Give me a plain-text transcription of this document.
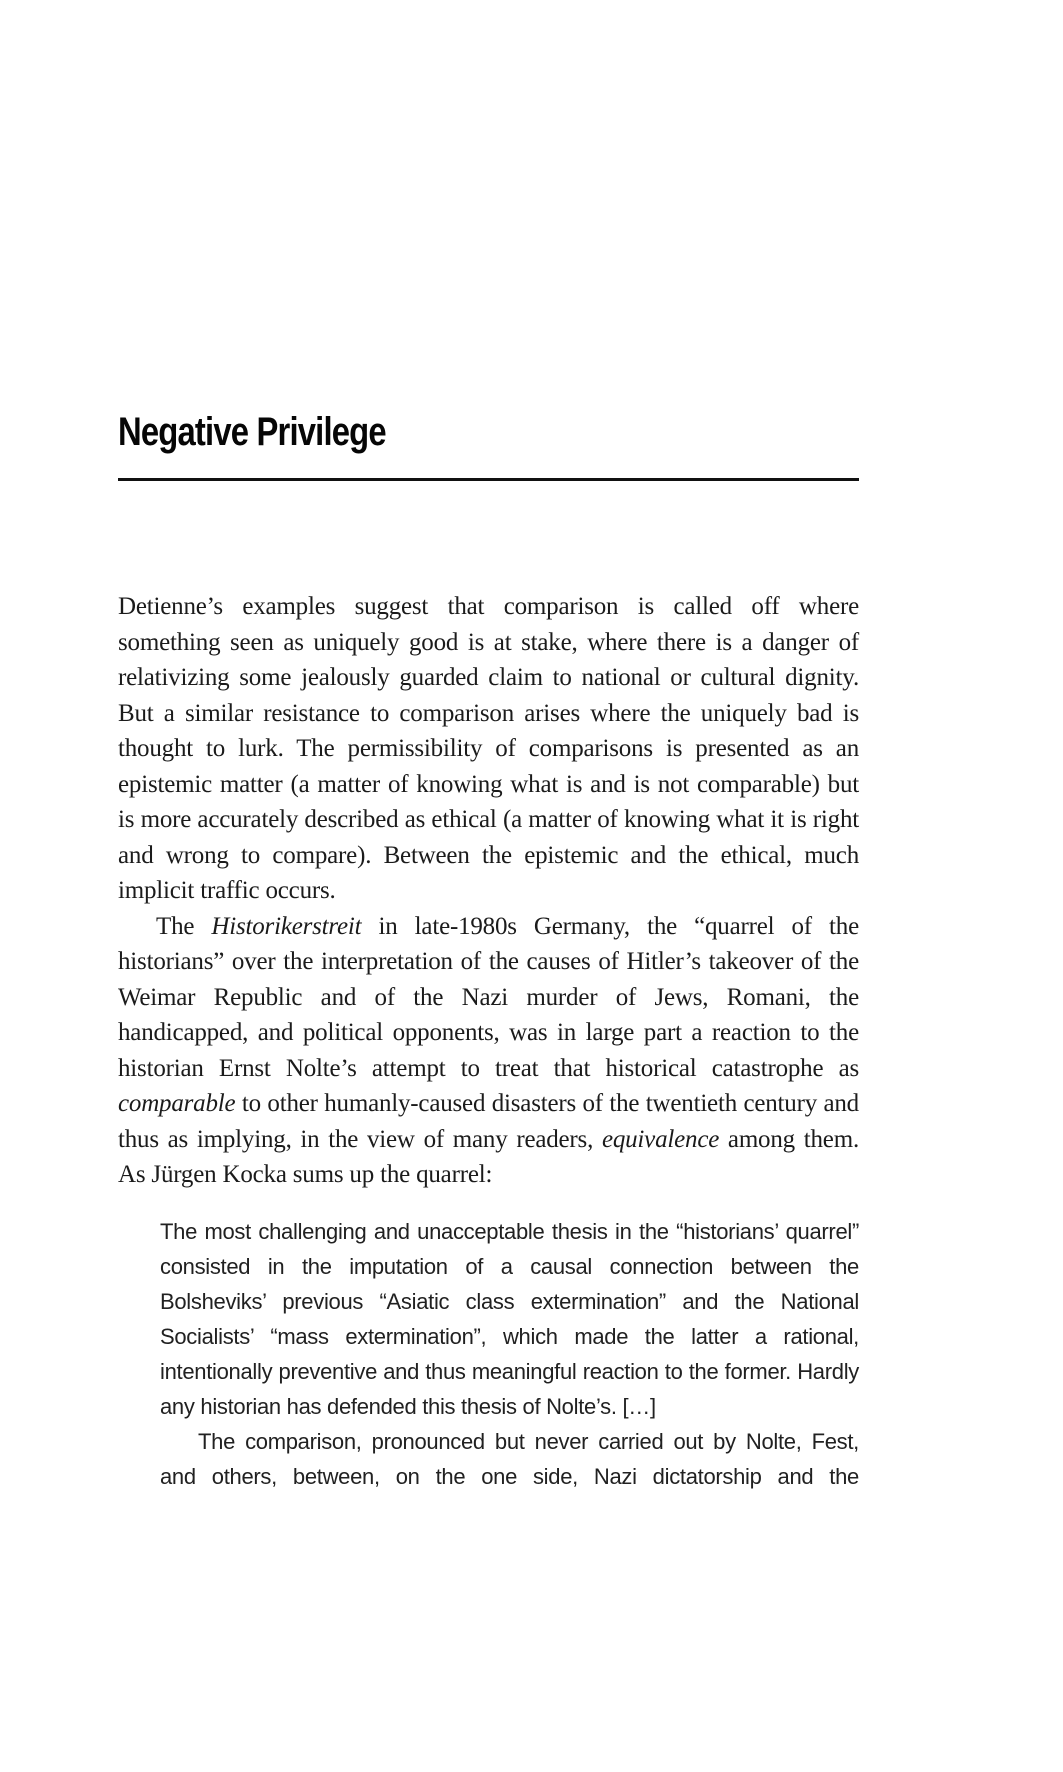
Negative Privilege

Detienne’s examples suggest that comparison is called off where something seen as uniquely good is at stake, where there is a danger of relativizing some jealously guarded claim to national or cultural dignity. But a similar resistance to comparison arises where the uniquely bad is thought to lurk. The permissibility of comparisons is presented as an epistemic matter (a matter of knowing what is and is not comparable) but is more accurately described as ethical (a matter of knowing what it is right and wrong to compare). Between the epistemic and the ethical, much implicit traffic occurs.

The Historikerstreit in late-1980s Germany, the “quarrel of the historians” over the interpretation of the causes of Hitler’s takeover of the Weimar Republic and of the Nazi murder of Jews, Romani, the handicapped, and political opponents, was in large part a reaction to the historian Ernst Nolte’s attempt to treat that historical catastrophe as comparable to other humanly-caused disasters of the twentieth century and thus as implying, in the view of many readers, equivalence among them. As Jürgen Kocka sums up the quarrel:

The most challenging and unacceptable thesis in the “historians’ quarrel” consisted in the imputation of a causal connection between the Bolsheviks’ previous “Asiatic class extermination” and the National Socialists’ “mass extermination”, which made the latter a rational, intentionally preventive and thus meaningful reaction to the former. Hardly any historian has defended this thesis of Nolte’s. […]

The comparison, pronounced but never carried out by Nolte, Fest, and others, between, on the one side, Nazi dictatorship and the
